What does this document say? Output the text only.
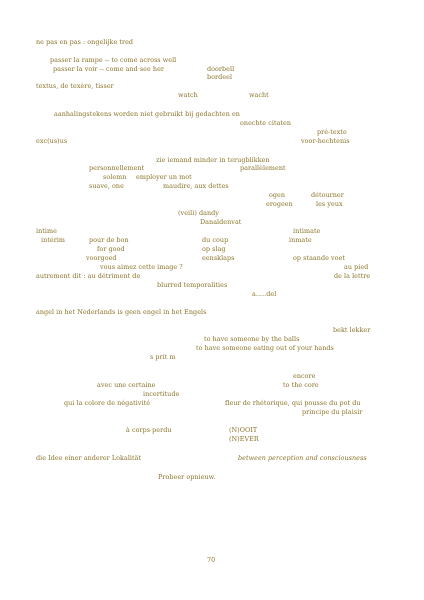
ne pas en pas : ongelijke tred
passer la rampe -- to come across well
passer la voir -- come and see her	doorbell
bordeel
textus, de texère, tisser
watch	wacht
aanhalingstekens worden niet gebruikt bij gedachten en
onechte citaten
pré-texte
exc(us)us	voor-hechtenis
zie iemand minder in terugblikken
personnellement	parallèlement
solemn employer un mot
suave, one	maudire, aux dettes
ogen	détourner
erogeen	les yeux
(veili) dandy
Danaïdenvat
intime	intimate
intérim	pour de bon	du coup	inmate
for good	op slag
voorgoed	eensklaps	op staande voet
vous aimez cette image ?	au pied
autrement dit : au détriment de	de la lettre
blurred temporalities
a.....del
angel in het Nederlands is geen engel in het Engels
bekt lekker
to have someone by the balls
to have someone eating out of your hands
s prit m
encore
avec une certaine	to the core
incertitude
qui la colore de négativité	fleur de rhétorique, qui pousse du pot du
principe du plaisir
à corps perdu	(N)OOIT
(N)EVER
die Idee einer anderer Lokalität	between perception and consciousness
Probeer opnieuw.
70
